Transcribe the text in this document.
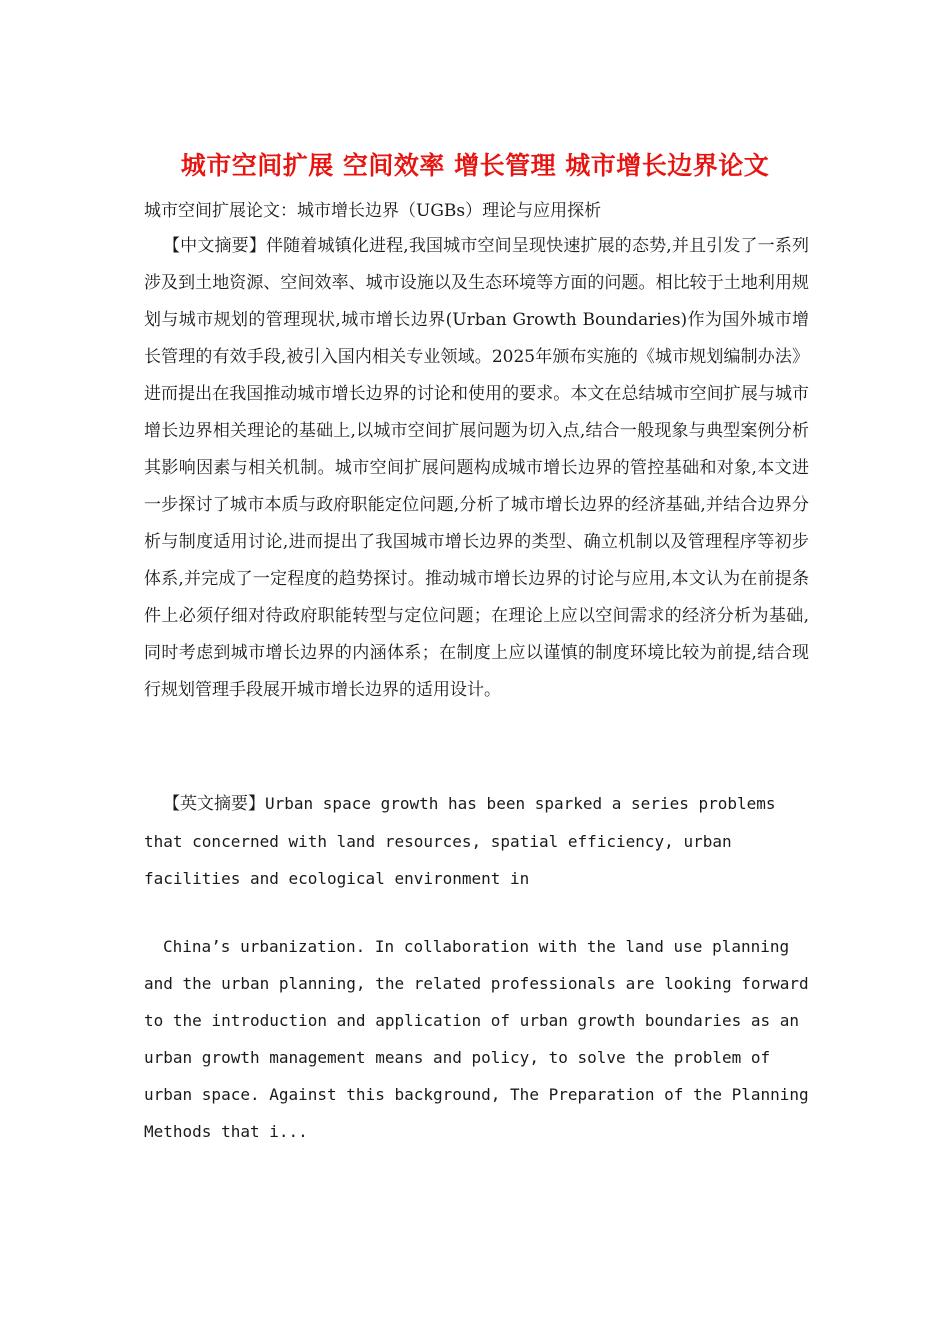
城市空间扩展 空间效率 增长管理 城市增长边界论文

城市空间扩展论文：城市增长边界（UGBs）理论与应用探析

【中文摘要】伴随着城镇化进程,我国城市空间呈现快速扩展的态势,并且引发了一系列涉及到土地资源、空间效率、城市设施以及生态环境等方面的问题。相比较于土地利用规划与城市规划的管理现状,城市增长边界(Urban Growth Boundaries)作为国外城市增长管理的有效手段,被引入国内相关专业领域。2025年颁布实施的《城市规划编制办法》进而提出在我国推动城市增长边界的讨论和使用的要求。本文在总结城市空间扩展与城市增长边界相关理论的基础上,以城市空间扩展问题为切入点,结合一般现象与典型案例分析其影响因素与相关机制。城市空间扩展问题构成城市增长边界的管控基础和对象,本文进一步探讨了城市本质与政府职能定位问题,分析了城市增长边界的经济基础,并结合边界分析与制度适用讨论,进而提出了我国城市增长边界的类型、确立机制以及管理程序等初步体系,并完成了一定程度的趋势探讨。推动城市增长边界的讨论与应用,本文认为在前提条件上必须仔细对待政府职能转型与定位问题；在理论上应以空间需求的经济分析为基础,同时考虑到城市增长边界的内涵体系；在制度上应以谨慎的制度环境比较为前提,结合现行规划管理手段展开城市增长边界的适用设计。

【英文摘要】Urban space growth has been sparked a series problems that concerned with land resources, spatial efficiency, urban facilities and ecological environment in

China’s urbanization. In collaboration with the land use planning and the urban planning, the related professionals are looking forward to the introduction and application of urban growth boundaries as an urban growth management means and policy, to solve the problem of urban space. Against this background, The Preparation of the Planning Methods that i...
